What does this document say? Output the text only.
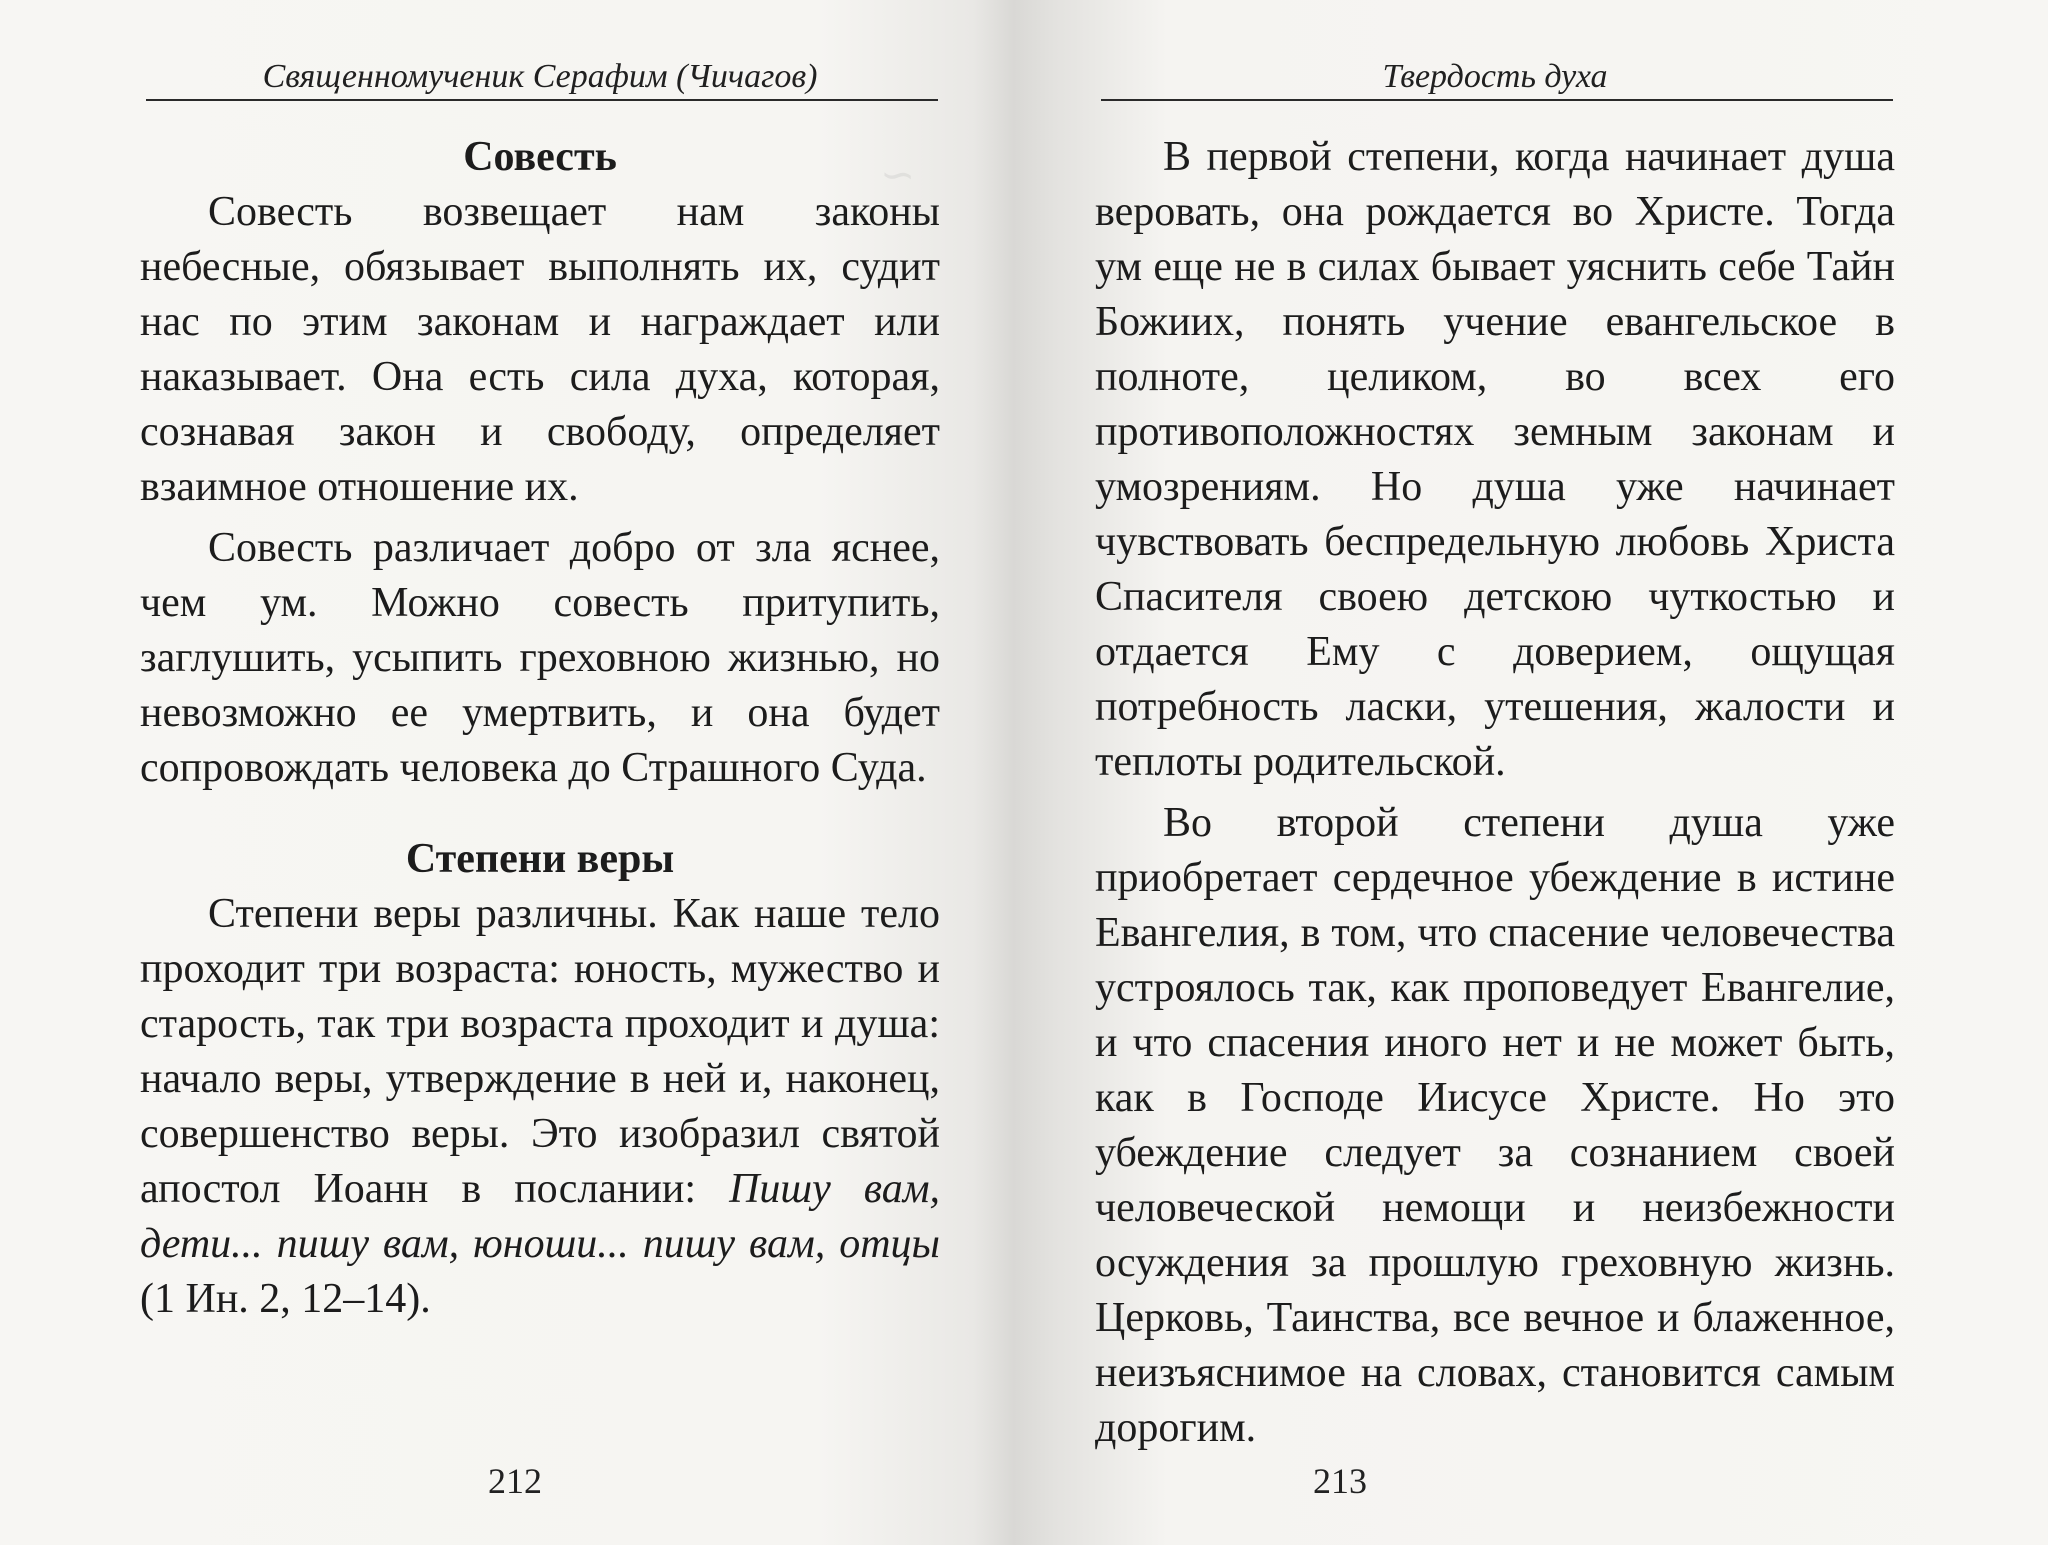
∽
Священномученик Серафим (Чичагов)
Совесть

Совесть возвещает нам законы небесные, обязывает выполнять их, судит нас по этим законам и награждает или наказывает. Она есть сила духа, которая, сознавая закон и свободу, определяет взаимное отношение их.

Совесть различает добро от зла яснее, чем ум. Можно совесть притупить, заглушить, усыпить греховною жизнью, но невозможно ее умертвить, и она будет сопровождать человека до Страшного Суда.

Степени веры

Степени веры различны. Как наше тело проходит три возраста: юность, мужество и старость, так три возраста проходит и душа: начало веры, утверждение в ней и, наконец, совершенство веры. Это изобразил святой апостол Иоанн в послании: Пишу вам, дети... пишу вам, юноши... пишу вам, отцы (1 Ин. 2, 12–14).

212
Твердость духа

В первой степени, когда начинает душа веровать, она рождается во Христе. Тогда ум еще не в силах бывает уяснить себе Тайн Божиих, понять учение евангельское в полноте, целиком, во всех его противоположностях земным законам и умозрениям. Но душа уже начинает чувствовать беспредельную любовь Христа Спасителя своею детскою чуткостью и отдается Ему с доверием, ощущая потребность ласки, утешения, жалости и теплоты родительской.

Во второй степени душа уже приобретает сердечное убеждение в истине Евангелия, в том, что спасение человечества устроялось так, как проповедует Евангелие, и что спасения иного нет и не может быть, как в Господе Иисусе Христе. Но это убеждение следует за сознанием своей человеческой немощи и неизбежности осуждения за прошлую греховную жизнь. Церковь, Таинства, все вечное и блаженное, неизъяснимое на словах, становится самым дорогим.

213
